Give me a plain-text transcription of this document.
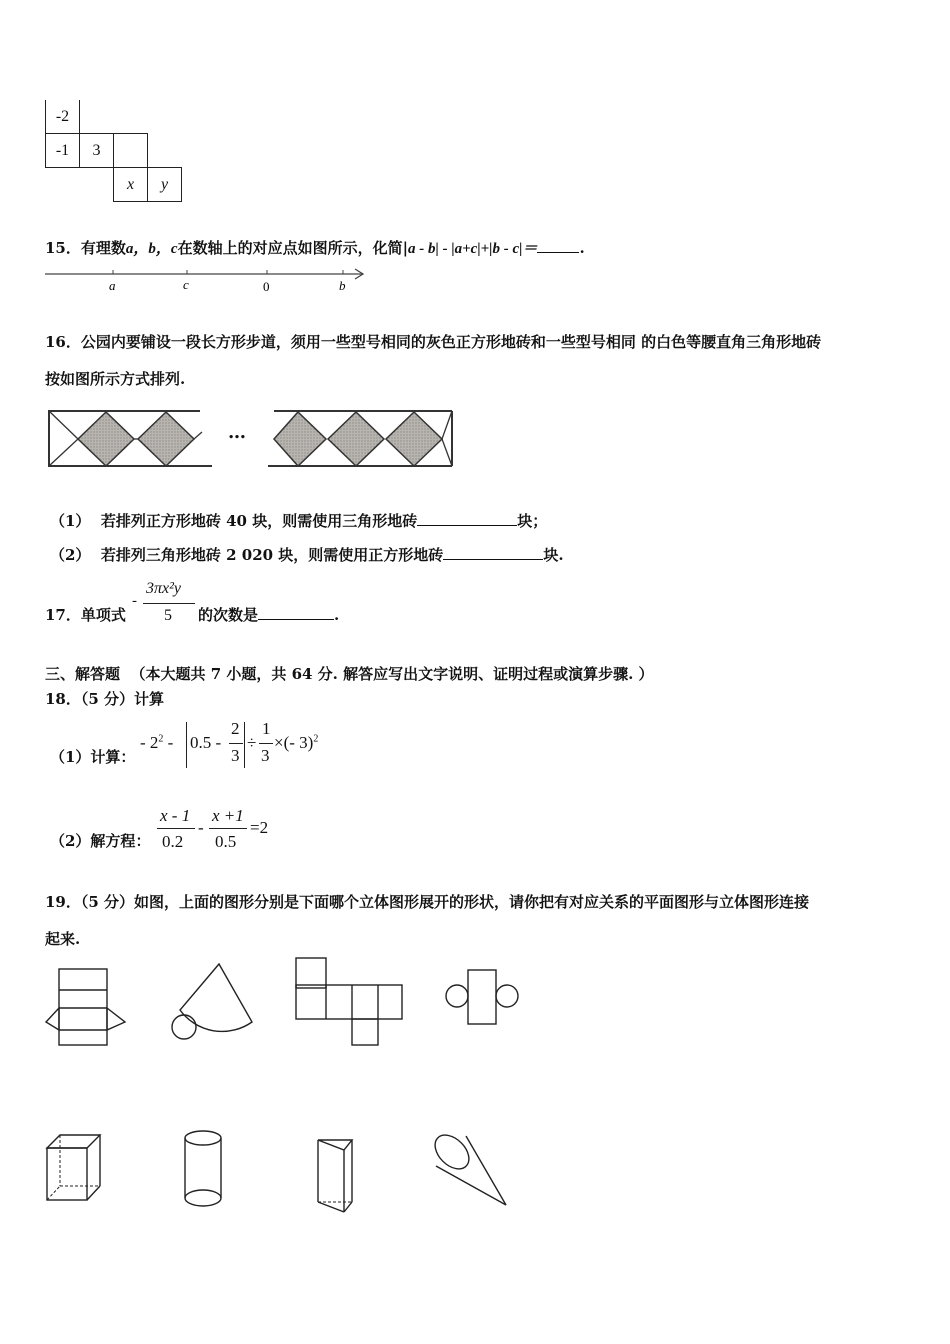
-2			
-1	3		
		x	y
15．有理数a，b，c在数轴上的对应点如图所示，化简|a - b| - |a+c|+|b - c|＝	.
a	c	0	b
16．公园内要铺设一段长方形步道，须用一些型号相同的灰色正方形地砖和一些型号相同 的白色等腰直角三角形地砖
按如图所示方式排列.
…
（1） 若排列正方形地砖 40 块，则需使用三角形地砖	块；
（2） 若排列三角形地砖 2 020 块，则需使用正方形地砖	块.
17．单项式
-
3πx²y
5 的次数是	.
三、解答题 （本大题共 7 小题，共 64 分. 解答应写出文字说明、证明过程或演算步骤. ）
18．（5 分）计算
（1）计算：
- $2^2 - 0.5$ -
2
3
÷
1
3
×(- 3)$^2$
（2）解方程：
x - 1
0.2
-
x +1
0.5
=2
19．（5 分）如图，上面的图形分别是下面哪个立体图形展开的形状，请你把有对应关系的平面图形与立体图形连接
起来.
